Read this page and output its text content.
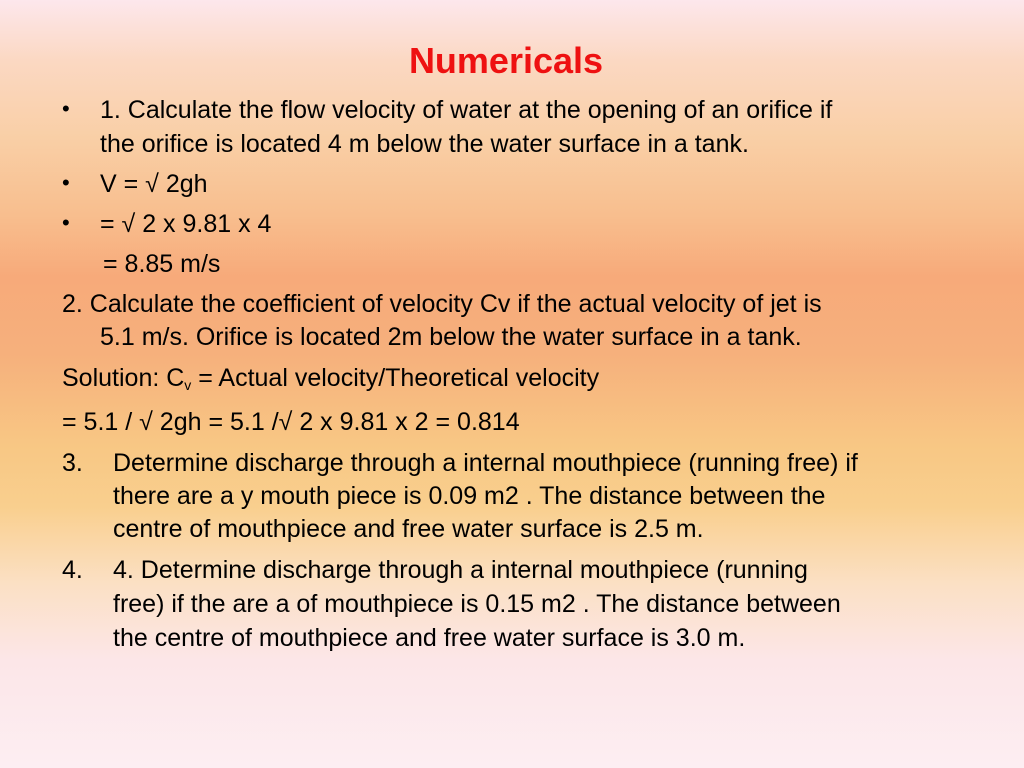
Numericals
• 1. Calculate the flow velocity of water at the opening of an orifice if
the orifice is located 4 m below the water surface in a tank.
• V = √ 2gh
• = √ 2 x 9.81 x 4
= 8.85 m/s
2. Calculate the coefficient of velocity Cv if the actual velocity of jet is
5.1 m/s. Orifice is located 2m below the water surface in a tank.
Solution: $C_v$ = Actual velocity/Theoretical velocity
= 5.1 / √ 2gh = 5.1 /√ 2 x 9.81 x 2 = 0.814
3. Determine discharge through a internal mouthpiece (running free) if
there are a y mouth piece is 0.09 m2 . The distance between the
centre of mouthpiece and free water surface is 2.5 m.
4. 4. Determine discharge through a internal mouthpiece (running
free) if the are a of mouthpiece is 0.15 m2 . The distance between
the centre of mouthpiece and free water surface is 3.0 m.
